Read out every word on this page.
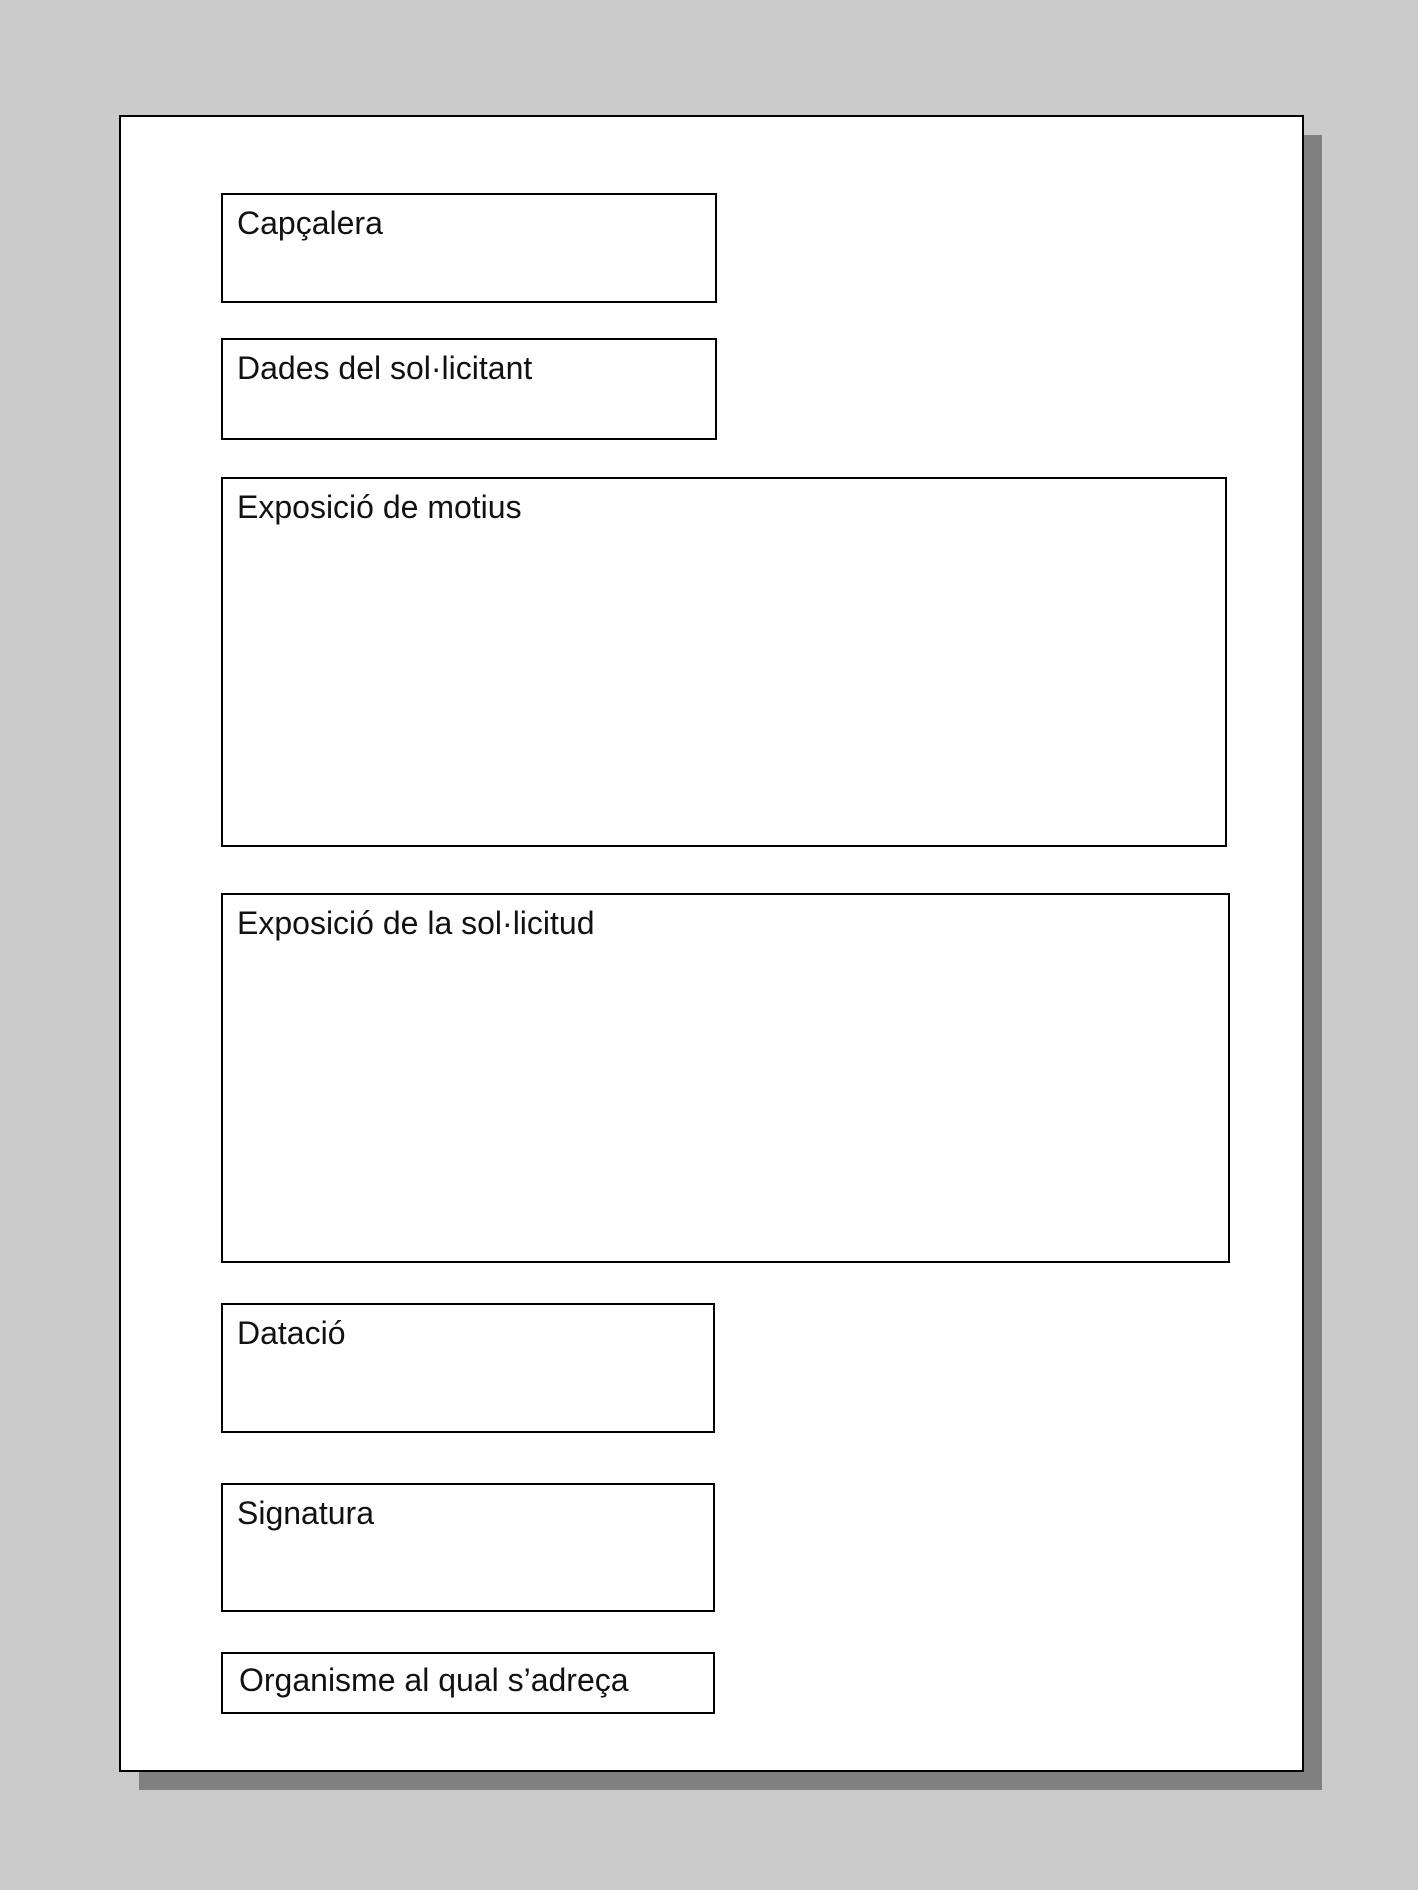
Capçalera
Dades del sol·licitant
Exposició de motius
Exposició de la sol·licitud
Datació
Signatura
Organisme al qual s’adreça
